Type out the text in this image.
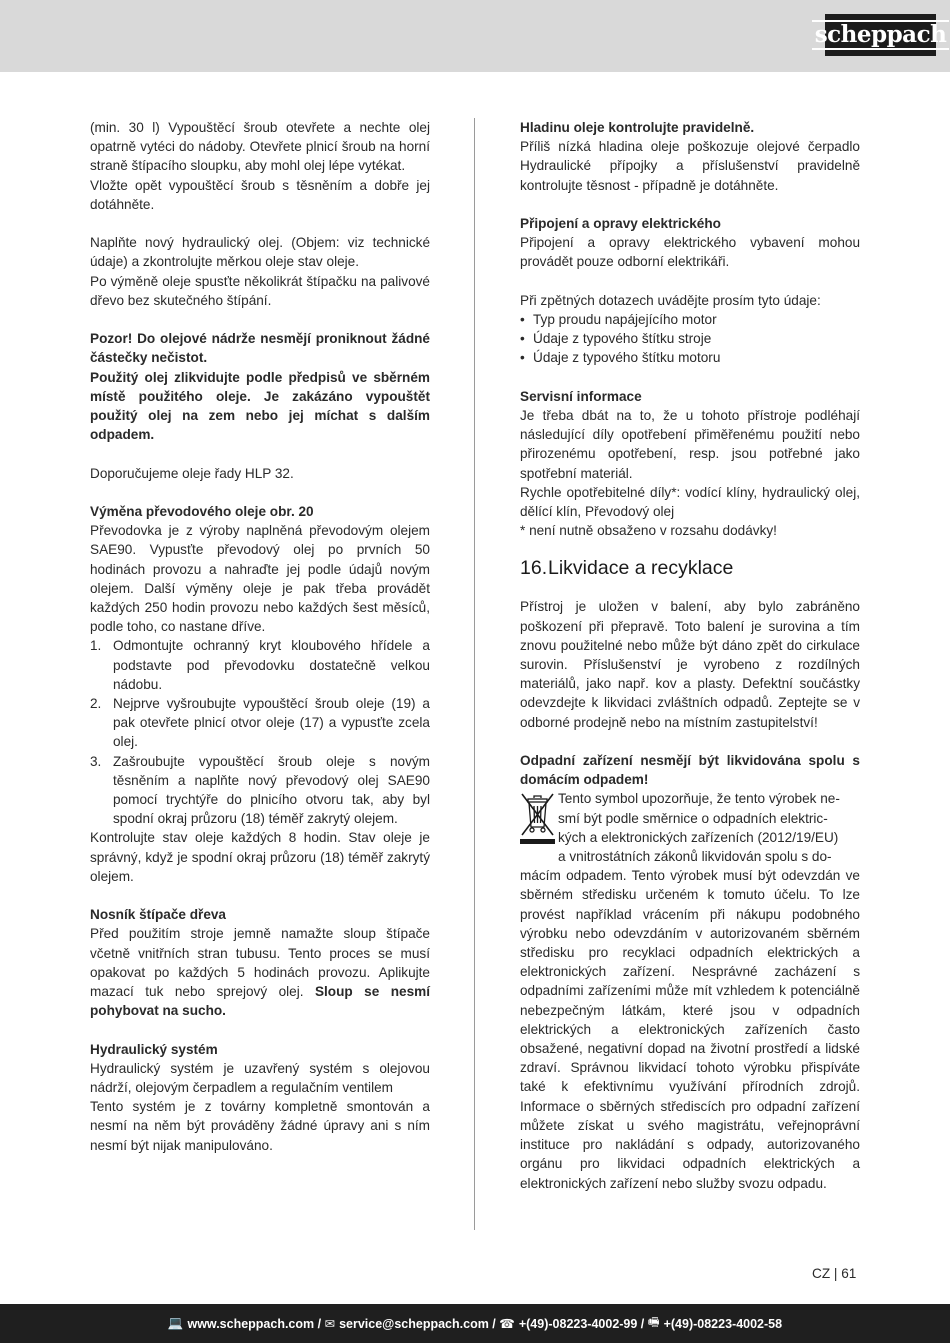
scheppach

(min. 30 l) Vypouštěcí šroub otevřete a nechte olej opatrně vytéci do nádoby. Otevřete plnicí šroub na horní straně štípacího sloupku, aby mohl olej lépe vytékat.

Vložte opět vypouštěcí šroub s těsněním a dobře jej dotáhněte.

Naplňte nový hydraulický olej. (Objem: viz technické údaje) a zkontrolujte měrkou oleje stav oleje.

Po výměně oleje spusťte několikrát štípačku na palivové dřevo bez skutečného štípání.

Pozor! Do olejové nádrže nesmějí proniknout žádné částečky nečistot.

Použitý olej zlikvidujte podle předpisů ve sběrném místě použitého oleje. Je zakázáno vypouštět použitý olej na zem nebo jej míchat s dalším odpadem.

Doporučujeme oleje řady HLP 32.

Výměna převodového oleje obr. 20

Převodovka je z výroby naplněná převodovým olejem SAE90. Vypusťte převodový olej po prvních 50 hodinách provozu a nahraďte jej podle údajů novým olejem. Další výměny oleje je pak třeba provádět každých 250 hodin provozu nebo každých šest měsíců, podle toho, co nastane dříve.

1. Odmontujte ochranný kryt kloubového hřídele a podstavte pod převodovku dostatečně velkou nádobu.
2. Nejprve vyšroubujte vypouštěcí šroub oleje (19) a pak otevřete plnicí otvor oleje (17) a vypusťte zcela olej.
3. Zašroubujte vypouštěcí šroub oleje s novým těsněním a naplňte nový převodový olej SAE90 pomocí trychtýře do plnicího otvoru tak, aby byl spodní okraj průzoru (18) téměř zakrytý olejem.

Kontrolujte stav oleje každých 8 hodin. Stav oleje je správný, když je spodní okraj průzoru (18) téměř zakrytý olejem.

Nosník štípače dřeva

Před použitím stroje jemně namažte sloup štípače včetně vnitřních stran tubusu. Tento proces se musí opakovat po každých 5 hodinách provozu. Aplikujte mazací tuk nebo sprejový olej. Sloup se nesmí pohybovat na sucho.

Hydraulický systém

Hydraulický systém je uzavřený systém s olejovou nádrží, olejovým čerpadlem a regulačním ventilem

Tento systém je z továrny kompletně smontován a nesmí na něm být prováděny žádné úpravy ani s ním nesmí být nijak manipulováno.

Hladinu oleje kontrolujte pravidelně.

Příliš nízká hladina oleje poškozuje olejové čerpadlo Hydraulické přípojky a příslušenství pravidelně kontrolujte těsnost - případně je dotáhněte.

Připojení a opravy elektrického

Připojení a opravy elektrického vybavení mohou provádět pouze odborní elektrikáři.

Při zpětných dotazech uvádějte prosím tyto údaje:

• Typ proudu napájejícího motor
• Údaje z typového štítku stroje
• Údaje z typového štítku motoru

Servisní informace

Je třeba dbát na to, že u tohoto přístroje podléhají následující díly opotřebení přiměřenému použití nebo přirozenému opotřebení, resp. jsou potřebné jako spotřební materiál.

Rychle opotřebitelné díly*: vodící klíny, hydraulický olej, dělící klín, Převodový olej

* není nutně obsaženo v rozsahu dodávky!

16.Likvidace a recyklace

Přístroj je uložen v balení, aby bylo zabráněno poškození při přepravě. Toto balení je surovina a tím znovu použitelné nebo může být dáno zpět do cirkulace surovin. Příslušenství je vyrobeno z rozdílných materiálů, jako např. kov a plasty. Defektní součástky odevzdejte k likvidaci zvláštních odpadů. Zeptejte se v odborné prodejně nebo na místním zastupitelství!

Odpadní zařízení nesmějí být likvidována spolu s domácím odpadem!

Tento symbol upozorňuje, že tento výrobek ne-
smí být podle směrnice o odpadních elektric-
kých a elektronických zařízeních (2012/19/EU)
a vnitrostátních zákonů likvidován spolu s do-

mácím odpadem. Tento výrobek musí být odevzdán ve sběrném středisku určeném k tomuto účelu. To lze provést například vrácením při nákupu podobného výrobku nebo odevzdáním v autorizovaném sběrném středisku pro recyklaci odpadních elektrických a elektronických zařízení. Nesprávné zacházení s odpadními zařízeními může mít vzhledem k potenciálně nebezpečným látkám, které jsou v odpadních elektrických a elektronických zařízeních často obsažené, negativní dopad na životní prostředí a lidské zdraví. Správnou likvidací tohoto výrobku přispíváte také k efektivnímu využívání přírodních zdrojů. Informace o sběrných střediscích pro odpadní zařízení můžete získat u svého magistrátu, veřejnoprávní instituce pro nakládání s odpady, autorizovaného orgánu pro likvidaci odpadních elektrických a elektronických zařízení nebo služby svozu odpadu.

CZ | 61
💻 www.scheppach.com /
✉ service@scheppach.com /
☎ +(49)-08223-4002-99 /
🖷 +(49)-08223-4002-58
